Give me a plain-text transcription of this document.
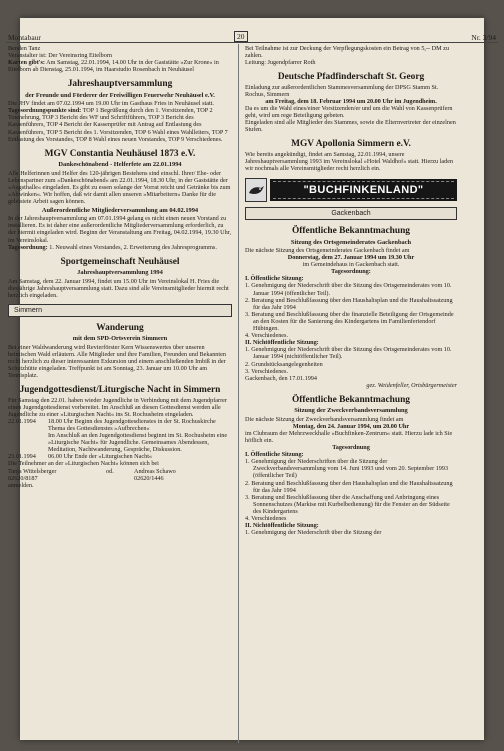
Montabaur	20	Nr. 3/94

Benden Tanz

Veranstalter ist: Der Vereinsring Eitelborn

Karten gibt's: Am Samstag, 22.01.1994, 14.00 Uhr in der Gaststätte »Zur Krone« in Eitelborn ab Dienstag, 25.01.1994, im Haarstudio Rosenbach in Neuhäusel

Jahreshauptversammlung
der Freunde und Förderer der Freiwilligen Feuerwehr Neuhäusel e.V.

Die JHV findet am 07.02.1994 um 19.00 Uhr im Gasthaus Fries in Neuhäusel statt.

Tagesordnungspunkte sind: TOP 1 Begrüßung durch den 1. Vorsitzenden, TOP 2 Totenehrung, TOP 3 Bericht des WF und Schriftführers, TOP 3 Bericht des Kassenführers, TOP 4 Bericht der Kassenprüfer mit Antrag auf Entlastung des Kassenführers, TOP 5 Bericht des 1. Vorsitzenden, TOP 6 Wahl eines Wahlleiters, TOP 7 Entlastung des Vorstandes, TOP 8 Wahl eines neuen Vorstandes, TOP 9 Verschiedenes.

MGV Constantia Neuhäusel 1873 e.V.
Dankeschönabend - Helferfete am 22.01.1994

Alle Helferinnen und Helfer des 120-jährigen Bestehens sind einschl. Ihrer/ Ehe- oder Lebenspartner zum »Dankeschönabend« am 22.01.1994, 18.30 Uhr, in der Gaststätte der »Augsthalle« eingeladen. Es gibt zu essen solange der Vorrat reicht und Getränke bis zum »Abwinken«. Wir hoffen, daß wir damit allen unseren »Mitarbeitern« Danke für die geleistete Arbeit sagen können.

Außerordentliche Mitgliederversammlung am 04.02.1994

In der Jahreshauptversammlung am 07.01.1994 gelang es nicht einen neuen Vorstand zu installieren. Es ist daher eine außerordentliche Mitgliederversammlung erforderlich, zu der hiermit eingeladen wird. Beginn der Veranstaltung am Freitag, 04.02.1994, 19.30 Uhr, im Vereinslokal.

Tagesordnung: 1. Neuwahl eines Vorstandes, 2. Erweiterung des Jahresprogramms.

Sportgemeinschaft Neuhäusel
Jahreshauptversammlung 1994

Am Samstag, dem 22. Januar 1994, findet um 15.00 Uhr im Vereinslokal H. Fries die diesjährige Jahreshauptversammlung statt. Dazu sind alle Vereinsmitglieder hiermit recht herzlich eingeladen.

Simmern
Wanderung
mit dem SPD-Ortsverein Simmern

Bei einer Waldwanderung wird Revierförster Kern Wissenswertes über unseren heimischen Wald erläutern. Alle Mitglieder und ihre Familien, Freunden und Bekannten recht herzlich zu dieser interessanten Exkursion und einem anschließenden Imbiß in der Schutzhütte eingeladen. Treffpunkt ist am Sonntag, 23. Januar um 10.00 Uhr am Tennisplatz.

Jugendgottesdienst/Liturgische Nacht in Simmern

Für Samstag den 22.01. haben wieder Jugendliche in Verbindung mit dem Jugendpfarrer einen Jugendgottesdienst vorbereitet. Im Anschluß an diesen Gottesdienst werden alle Jugendliche zu einer »Liturgischen Nacht« ins St. Rochusheim eingeladen.

22.01.1994	18.00 Uhr Beginn des Jugendgottesdienstes in der St. Rochuskirche
Thema des Gottesdienstes »Aufbrechen«
Im Anschluß an den Jugendgottesdienst beginnt im St. Rochusheim eine »Liturgische Nacht« für Jugendliche. Gemeinsames Abendessen, Meditation, Nachtwanderung, Gespräche, Diskussion.
23.01.1994	06.00 Uhr Ende der »Liturgischen Nacht«

Die Teilnehmer an der »Liturgischen Nacht« können sich bei

Tanja Wittelsberger	od.	Andreas Schawo
02620/8187	02620/1446

anmelden.

Bei Teilnahme ist zur Deckung der Verpflegungskosten ein Betrag von 5,-- DM zu zahlen.

Leitung: Jugendpfarrer Roth

Deutsche Pfadfinderschaft St. Georg

Einladung zur außerordentlichen Stammesversammlung der DPSG Stamm St. Rochus, Simmern

am Freitag, dem 18. Februar 1994 um 20.00 Uhr im Jugendheim.

Da es um die Wahl eines/einer Vorsitzenden/er und um die Wahl von Kassenprüfern geht, wird um rege Beteiligung gebeten.

Eingeladen sind alle Mitglieder des Stammes, sowie die Elternvertreter der einzelnen Stufen.

MGV Apollonia Simmern e.V.

Wie bereits angekündigt, findet am Samstag, 22.01.1994, unsere Jahreshauptversammlung 1993 im Vereinslokal »Hotel Waldhof« statt. Hierzu laden wir nochmals alle Vereinsmitglieder recht herzlich ein.

"BUCHFINKENLAND"
Gackenbach
Öffentliche Bekanntmachung
Sitzung des Ortsgemeinderates Gackenbach

Die nächste Sitzung des Ortsgemeinderates Gackenbach findet am

Donnerstag, dem 27. Januar 1994 um 19.30 Uhr

im Gemeindehaus in Gackenbach statt.

Tagesordnung:

I. Öffentliche Sitzung:

1. Genehmigung der Niederschrift über die Sitzung des Ortsgemeinderates vom 10. Januar 1994 (öffentlicher Teil).
2. Beratung und Beschlußfassung über den Haushaltsplan und die Haushaltssatzung für das Jahr 1994
3. Beratung und Beschlußfassung über die finanzielle Beteiligung der Ortsgemeinde an den Kosten für die Sanierung des Kindergartens im Familienferiendorf Hübingen.
4. Verschiedenes.

II. Nichtöffentliche Sitzung:

1. Genehmigung der Niederschrift über die Sitzung des Ortsgemeinderates vom 10. Januar 1994 (nichtöffentlicher Teil).
2. Grundstücksangelegenheiten
3. Verschiedenes.

Gackenbach, den 17.01.1994

gez. Weidenfeller, Ortsbürgermeister

Öffentliche Bekanntmachung
Sitzung der Zweckverbandsversammlung

Die nächste Sitzung der Zweckverbandsversammlung findet am

Montag, den 24. Januar 1994, um 20.00 Uhr

im Clubraum der Mehrzweckhalle »Buchfinken-Zentrum« statt. Hierzu lade ich Sie höflich ein.

Tagesordnung

I. Öffentliche Sitzung:

1. Genehmigung der Niederschriften über die Sitzung der Zweckverbandsversammlung vom 14. Juni 1993 und vom 20. September 1993 (öffentlicher Teil)
2. Beratung und Beschlußfassung über den Haushaltsplan und die Haushaltssatzung für das Jahr 1994
3. Beratung und Beschlußfassung über die Anschaffung und Anbringung eines Sonnenschutzes (Markise mit Kurbelbedienung) für die Fenster an der Südseite des Kindergartens
4. Verschiedenes

II. Nichtöffentliche Sitzung:

1. Genehmigung der Niederschrift über die Sitzung der
